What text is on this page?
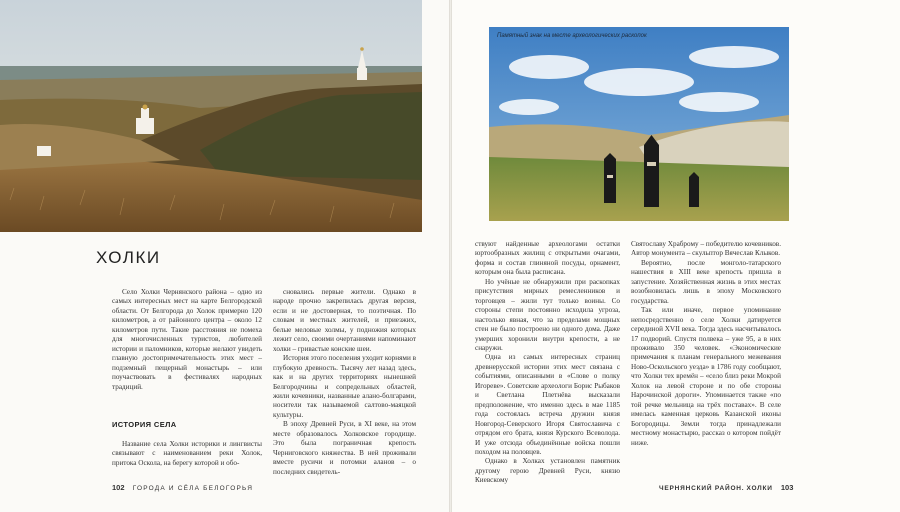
ХОЛКИ

Село Холки Чернянского района – одно из самых интересных мест на карте Белгородской области. От Белгорода до Холок примерно 120 километров, а от районного центра – около 12 километров пути. Такие расстояния не помеха для многочисленных туристов, любителей истории и паломников, которые желают увидеть главную достопримечательность этих мест – подземный пещерный монастырь – или поучаствовать в фестивалях народных традиций.

ИСТОРИЯ СЕЛА

Название села Холки историки и лингвисты связывают с наименованием реки Холок, притока Оскола, на берегу которой и обо-

сновались первые жители. Однако в народе прочно закрепилась другая версия, если и не достоверная, то поэтичная. По словам и местных жителей, и приезжих, белые меловые холмы, у подножия которых лежит село, своими очертаниями напоминают холки – гривастые конские шеи.

История этого поселения уходит корнями в глубокую древность. Тысячу лет назад здесь, как и на других территориях нынешней Белгородчины и сопредельных областей, жили кочевники, названные алано-болгарами, носители так называемой салтово-маяцкой культуры.

В эпоху Древней Руси, в XI веке, на этом месте образовалось Холковское городище. Это была пограничная крепость Черниговского княжества. В ней проживали вместе русичи и потомки аланов – о последних свидетель-

102 ГОРОДА И СЁЛА БЕЛОГОРЬЯ
Памятный знак на месте археологических раскопок

ствуют найденные археологами остатки юртообразных жилищ с открытыми очагами, форма и состав глиняной посуды, орнамент, которым она была расписана.

Но учёные не обнаружили при раскопках присутствия мирных ремесленников и торговцев – жили тут только воины. Со стороны степи постоянно исходила угроза, настолько явная, что за пределами мощных стен не было построено ни одного дома. Даже умерших хоронили внутри крепости, а не снаружи.

Одна из самых интересных страниц древнерусской истории этих мест связана с событиями, описанными в «Слове о полку Игореве». Советские археологи Борис Рыбаков и Светлана Плетнёва высказали предположение, что именно здесь в мае 1185 года состоялась встреча дружин князя Новгород-Северского Игоря Святославича с отрядом его брата, князя Курского Всеволода. И уже отсюда объединённые войска пошли походом на половцев.

Однако в Холках установлен памятник другому герою Древней Руси, князю Киевскому

Святославу Храброму – победителю кочевников. Автор монумента – скульптор Вячеслав Клыков.

Вероятно, после монголо-татарского нашествия в XIII веке крепость пришла в запустение. Хозяйственная жизнь в этих местах возобновилась лишь в эпоху Московского государства.

Так или иначе, первое упоминание непосредственно о селе Холки датируется серединой XVII века. Тогда здесь насчитывалось 17 подворий. Спустя полвека – уже 95, а в них проживало 350 человек. «Экономические примечания к планам генерального межевания Ново-Оскольского уезда» в 1786 году сообщают, что Холки тех времён – «село близ реки Мокрой Холок на левой стороне и по обе стороны Нарочинской дороги». Упоминается также «по той речке мельница на трёх поставах». В селе имелась каменная церковь Казанской иконы Богородицы. Земли тогда принадлежали местному монастырю, рассказ о котором пойдёт ниже.

ЧЕРНЯНСКИЙ РАЙОН. ХОЛКИ 103
